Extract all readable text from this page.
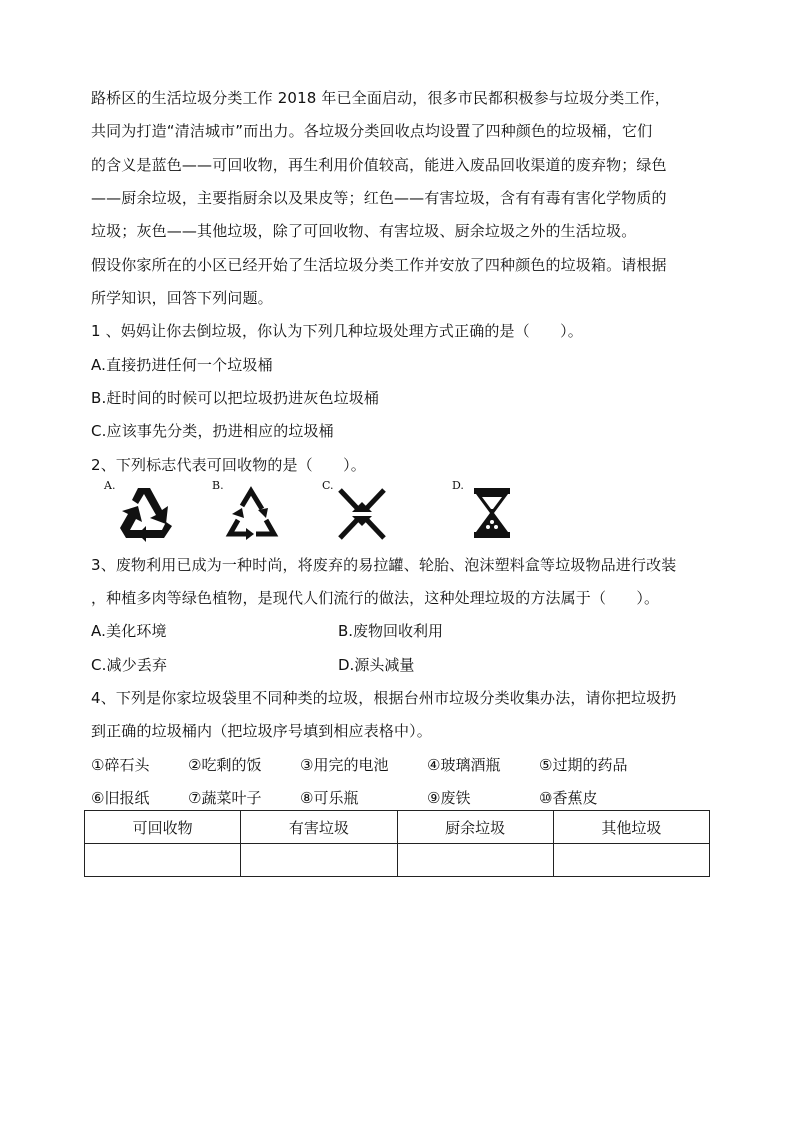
路桥区的生活垃圾分类工作 2018 年已全面启动，很多市民都积极参与垃圾分类工作，
共同为打造“清洁城市”而出力。各垃圾分类回收点均设置了四种颜色的垃圾桶，它们
的含义是蓝色——可回收物，再生利用价值较高，能进入废品回收渠道的废弃物；绿色
——厨余垃圾，主要指厨余以及果皮等；红色——有害垃圾，含有有毒有害化学物质的
垃圾；灰色——其他垃圾，除了可回收物、有害垃圾、厨余垃圾之外的生活垃圾。
假设你家所在的小区已经开始了生活垃圾分类工作并安放了四种颜色的垃圾箱。请根据
所学知识，回答下列问题。
1 、妈妈让你去倒垃圾，你认为下列几种垃圾处理方式正确的是（　　）。
A.直接扔进任何一个垃圾桶
B.赶时间的时候可以把垃圾扔进灰色垃圾桶
C.应该事先分类，扔进相应的垃圾桶
2、下列标志代表可回收物的是（　　）。
A.	B.	C.	D.
3、废物利用已成为一种时尚，将废弃的易拉罐、轮胎、泡沫塑料盒等垃圾物品进行改装
，种植多肉等绿色植物，是现代人们流行的做法，这种处理垃圾的方法属于（　　）。
A.美化环境	B.废物回收利用
C.减少丢弃	D.源头减量
4、下列是你家垃圾袋里不同种类的垃圾，根据台州市垃圾分类收集办法，请你把垃圾扔
到正确的垃圾桶内（把垃圾序号填到相应表格中）。
①碎石头	②吃剩的饭	③用完的电池	④玻璃酒瓶	⑤过期的药品
⑥旧报纸	⑦蔬菜叶子	⑧可乐瓶	⑨废铁	⑩香蕉皮
可回收物	有害垃圾	厨余垃圾	其他垃圾
